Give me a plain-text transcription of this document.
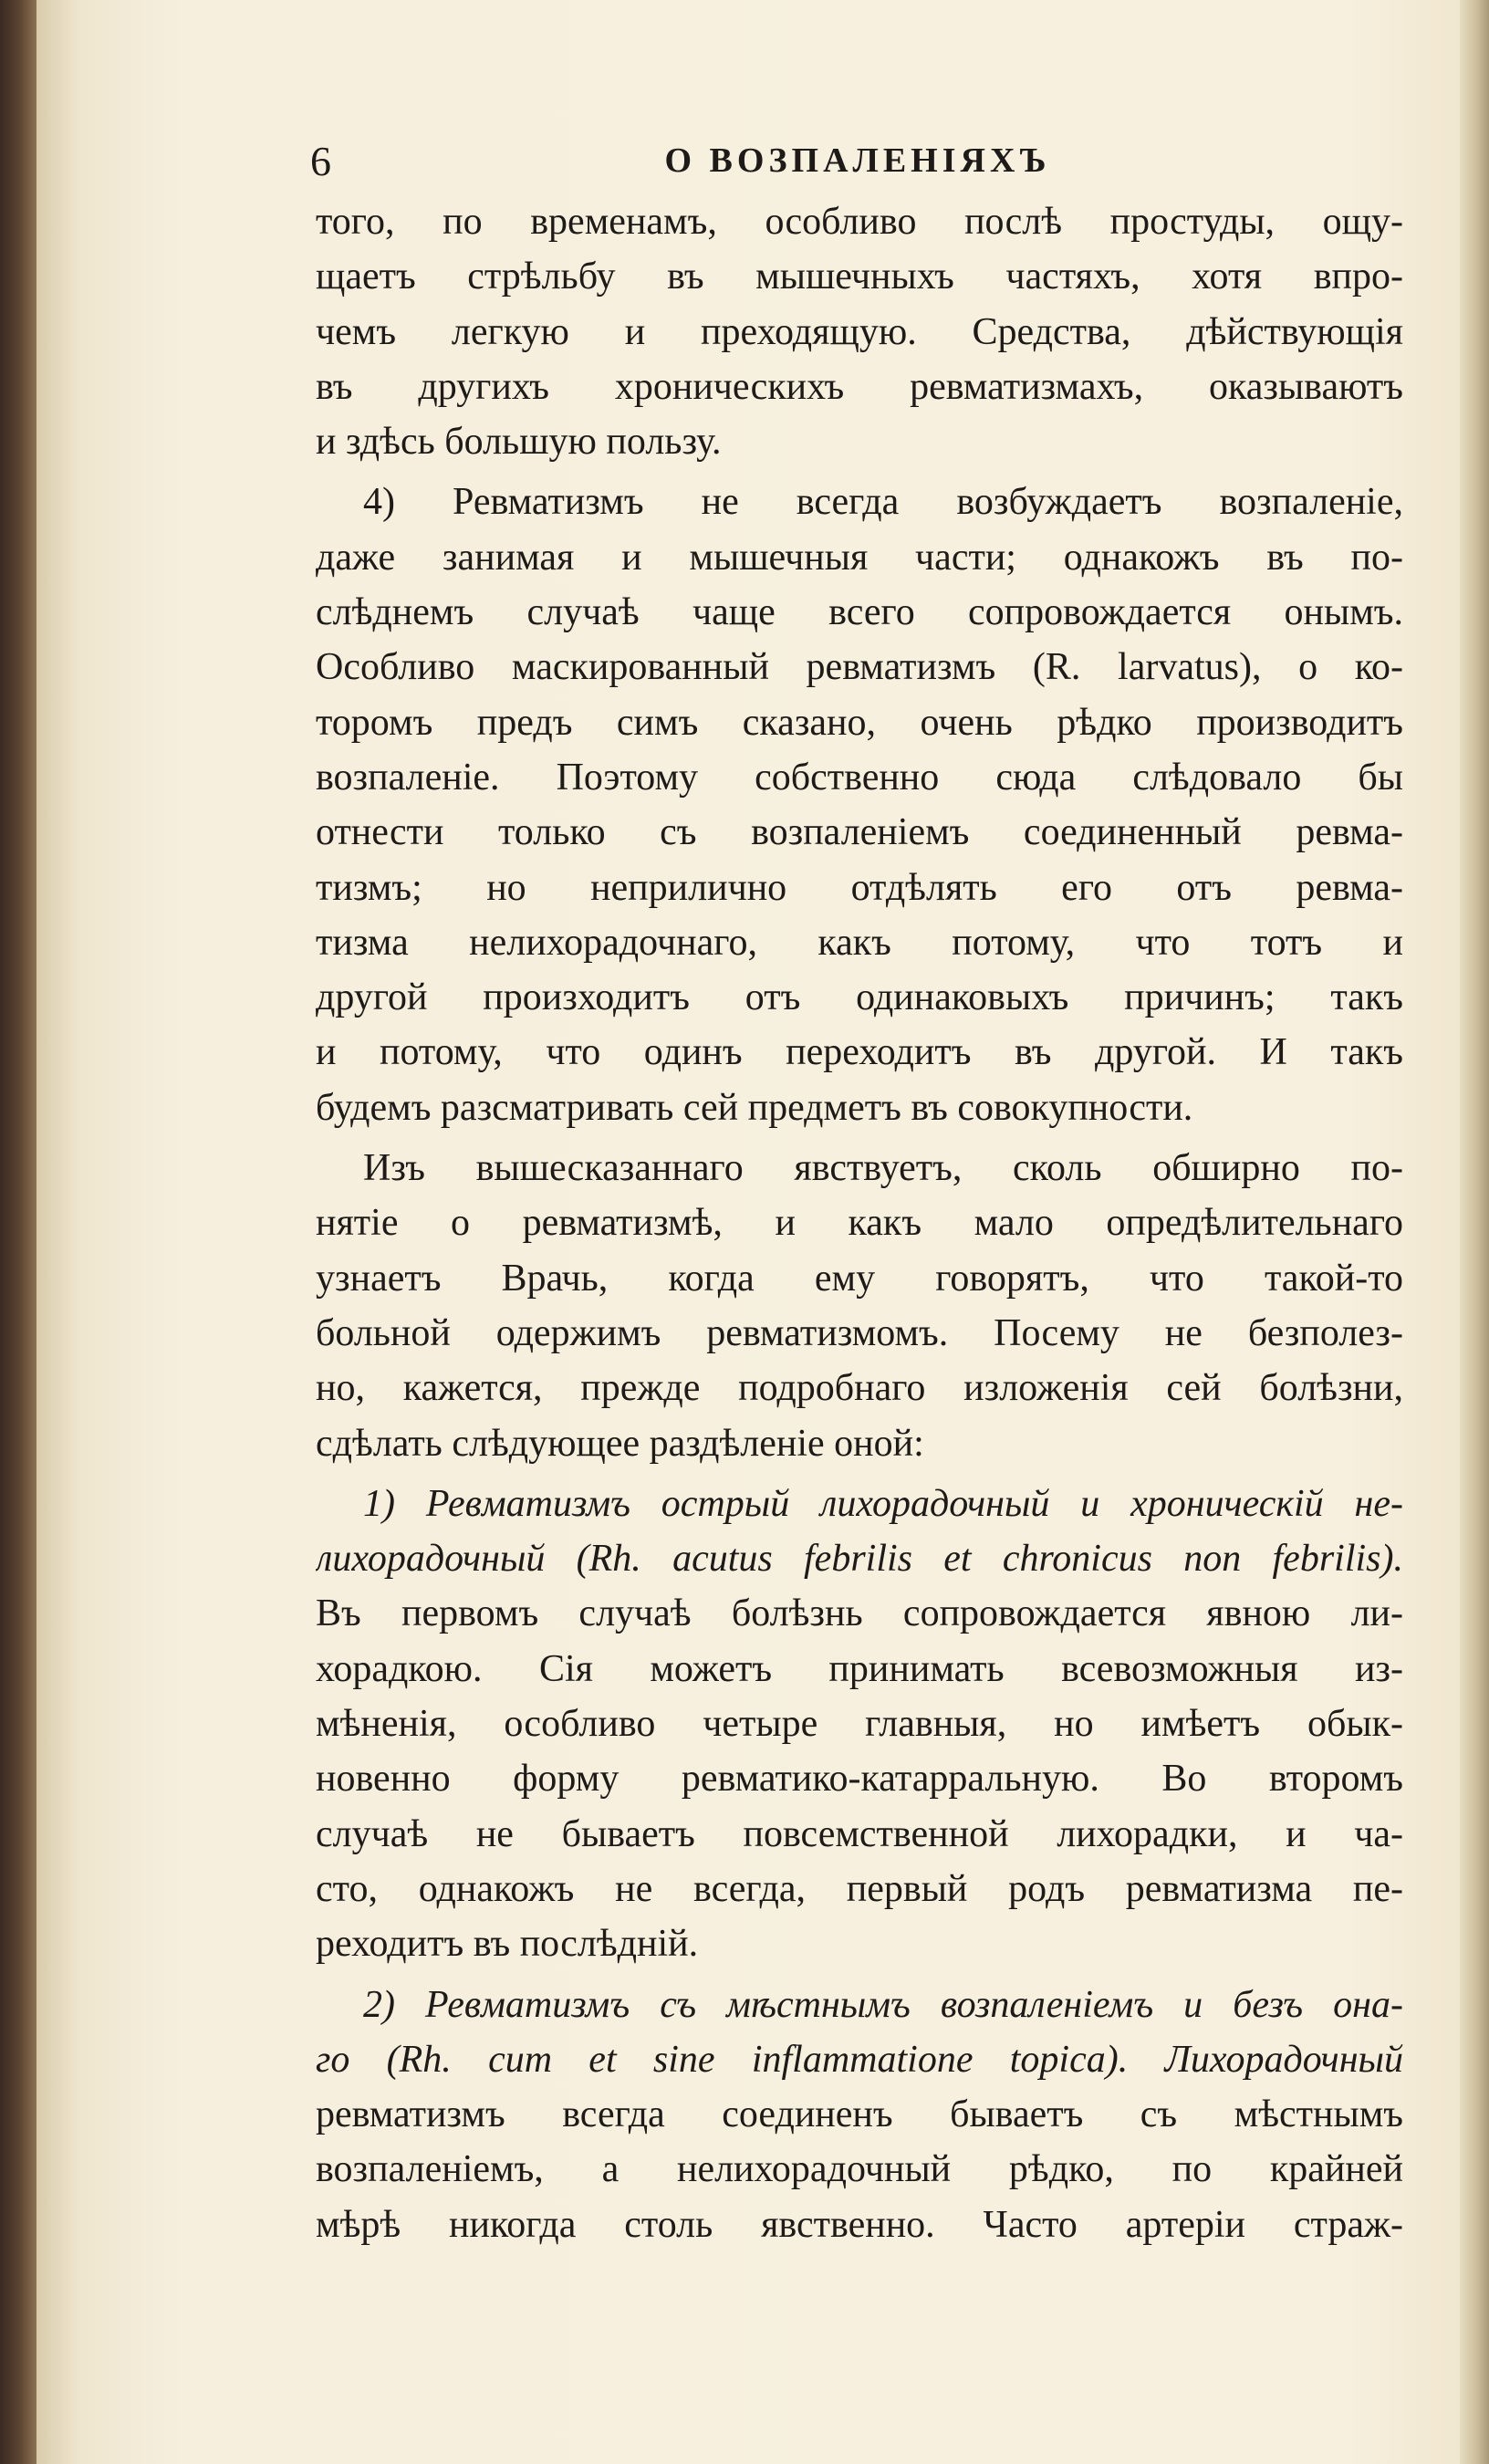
6	О ВОЗПАЛЕНІЯХЪ
того, по временамъ, особливо послѣ простуды, ощу-
щаетъ стрѣльбу въ мышечныхъ частяхъ, хотя впро-
чемъ легкую и преходящую. Средства, дѣйствующія
въ другихъ хроническихъ ревматизмахъ, оказываютъ
и здѣсь большую пользу.
4) Ревматизмъ не всегда возбуждаетъ возпаленіе,
даже занимая и мышечныя части; однакожъ въ по-
слѣднемъ случаѣ чаще всего сопровождается онымъ.
Особливо маскированный ревматизмъ (R. larvatus), о ко-
торомъ предъ симъ сказано, очень рѣдко производитъ
возпаленіе. Поэтому собственно сюда слѣдовало бы
отнести только съ возпаленіемъ соединенный ревма-
тизмъ; но неприлично отдѣлять его отъ ревма-
тизма нелихорадочнаго, какъ потому, что тотъ и
другой произходитъ отъ одинаковыхъ причинъ; такъ
и потому, что одинъ переходитъ въ другой. И такъ
будемъ разсматривать сей предметъ въ совокупности.
Изъ вышесказаннаго явствуетъ, сколь обширно по-
нятіе о ревматизмѣ, и какъ мало опредѣлительнаго
узнаетъ Врачь, когда ему говорятъ, что такой-то
больной одержимъ ревматизмомъ. Посему не безполез-
но, кажется, прежде подробнаго изложенія сей болѣзни,
сдѣлать слѣдующее раздѣленіе оной:
1) Ревматизмъ острый лихорадочный и хроническій не-
лихорадочный (Rh. acutus febrilis et chronicus non febrilis).
Въ первомъ случаѣ болѣзнь сопровождается явною ли-
хорадкою. Сія можетъ принимать всевозможныя из-
мѣненія, особливо четыре главныя, но имѣетъ обык-
новенно форму ревматико-катарральную. Во второмъ
случаѣ не бываетъ повсемственной лихорадки, и ча-
сто, однакожъ не всегда, первый родъ ревматизма пе-
реходитъ въ послѣдній.
2) Ревматизмъ съ мѣстнымъ возпаленіемъ и безъ она-
го (Rh. cum et sine inflammatione topica). Лихорадочный
ревматизмъ всегда соединенъ бываетъ съ мѣстнымъ
возпаленіемъ, а нелихорадочный рѣдко, по крайней
мѣрѣ никогда столь явственно. Часто артеріи страж-
